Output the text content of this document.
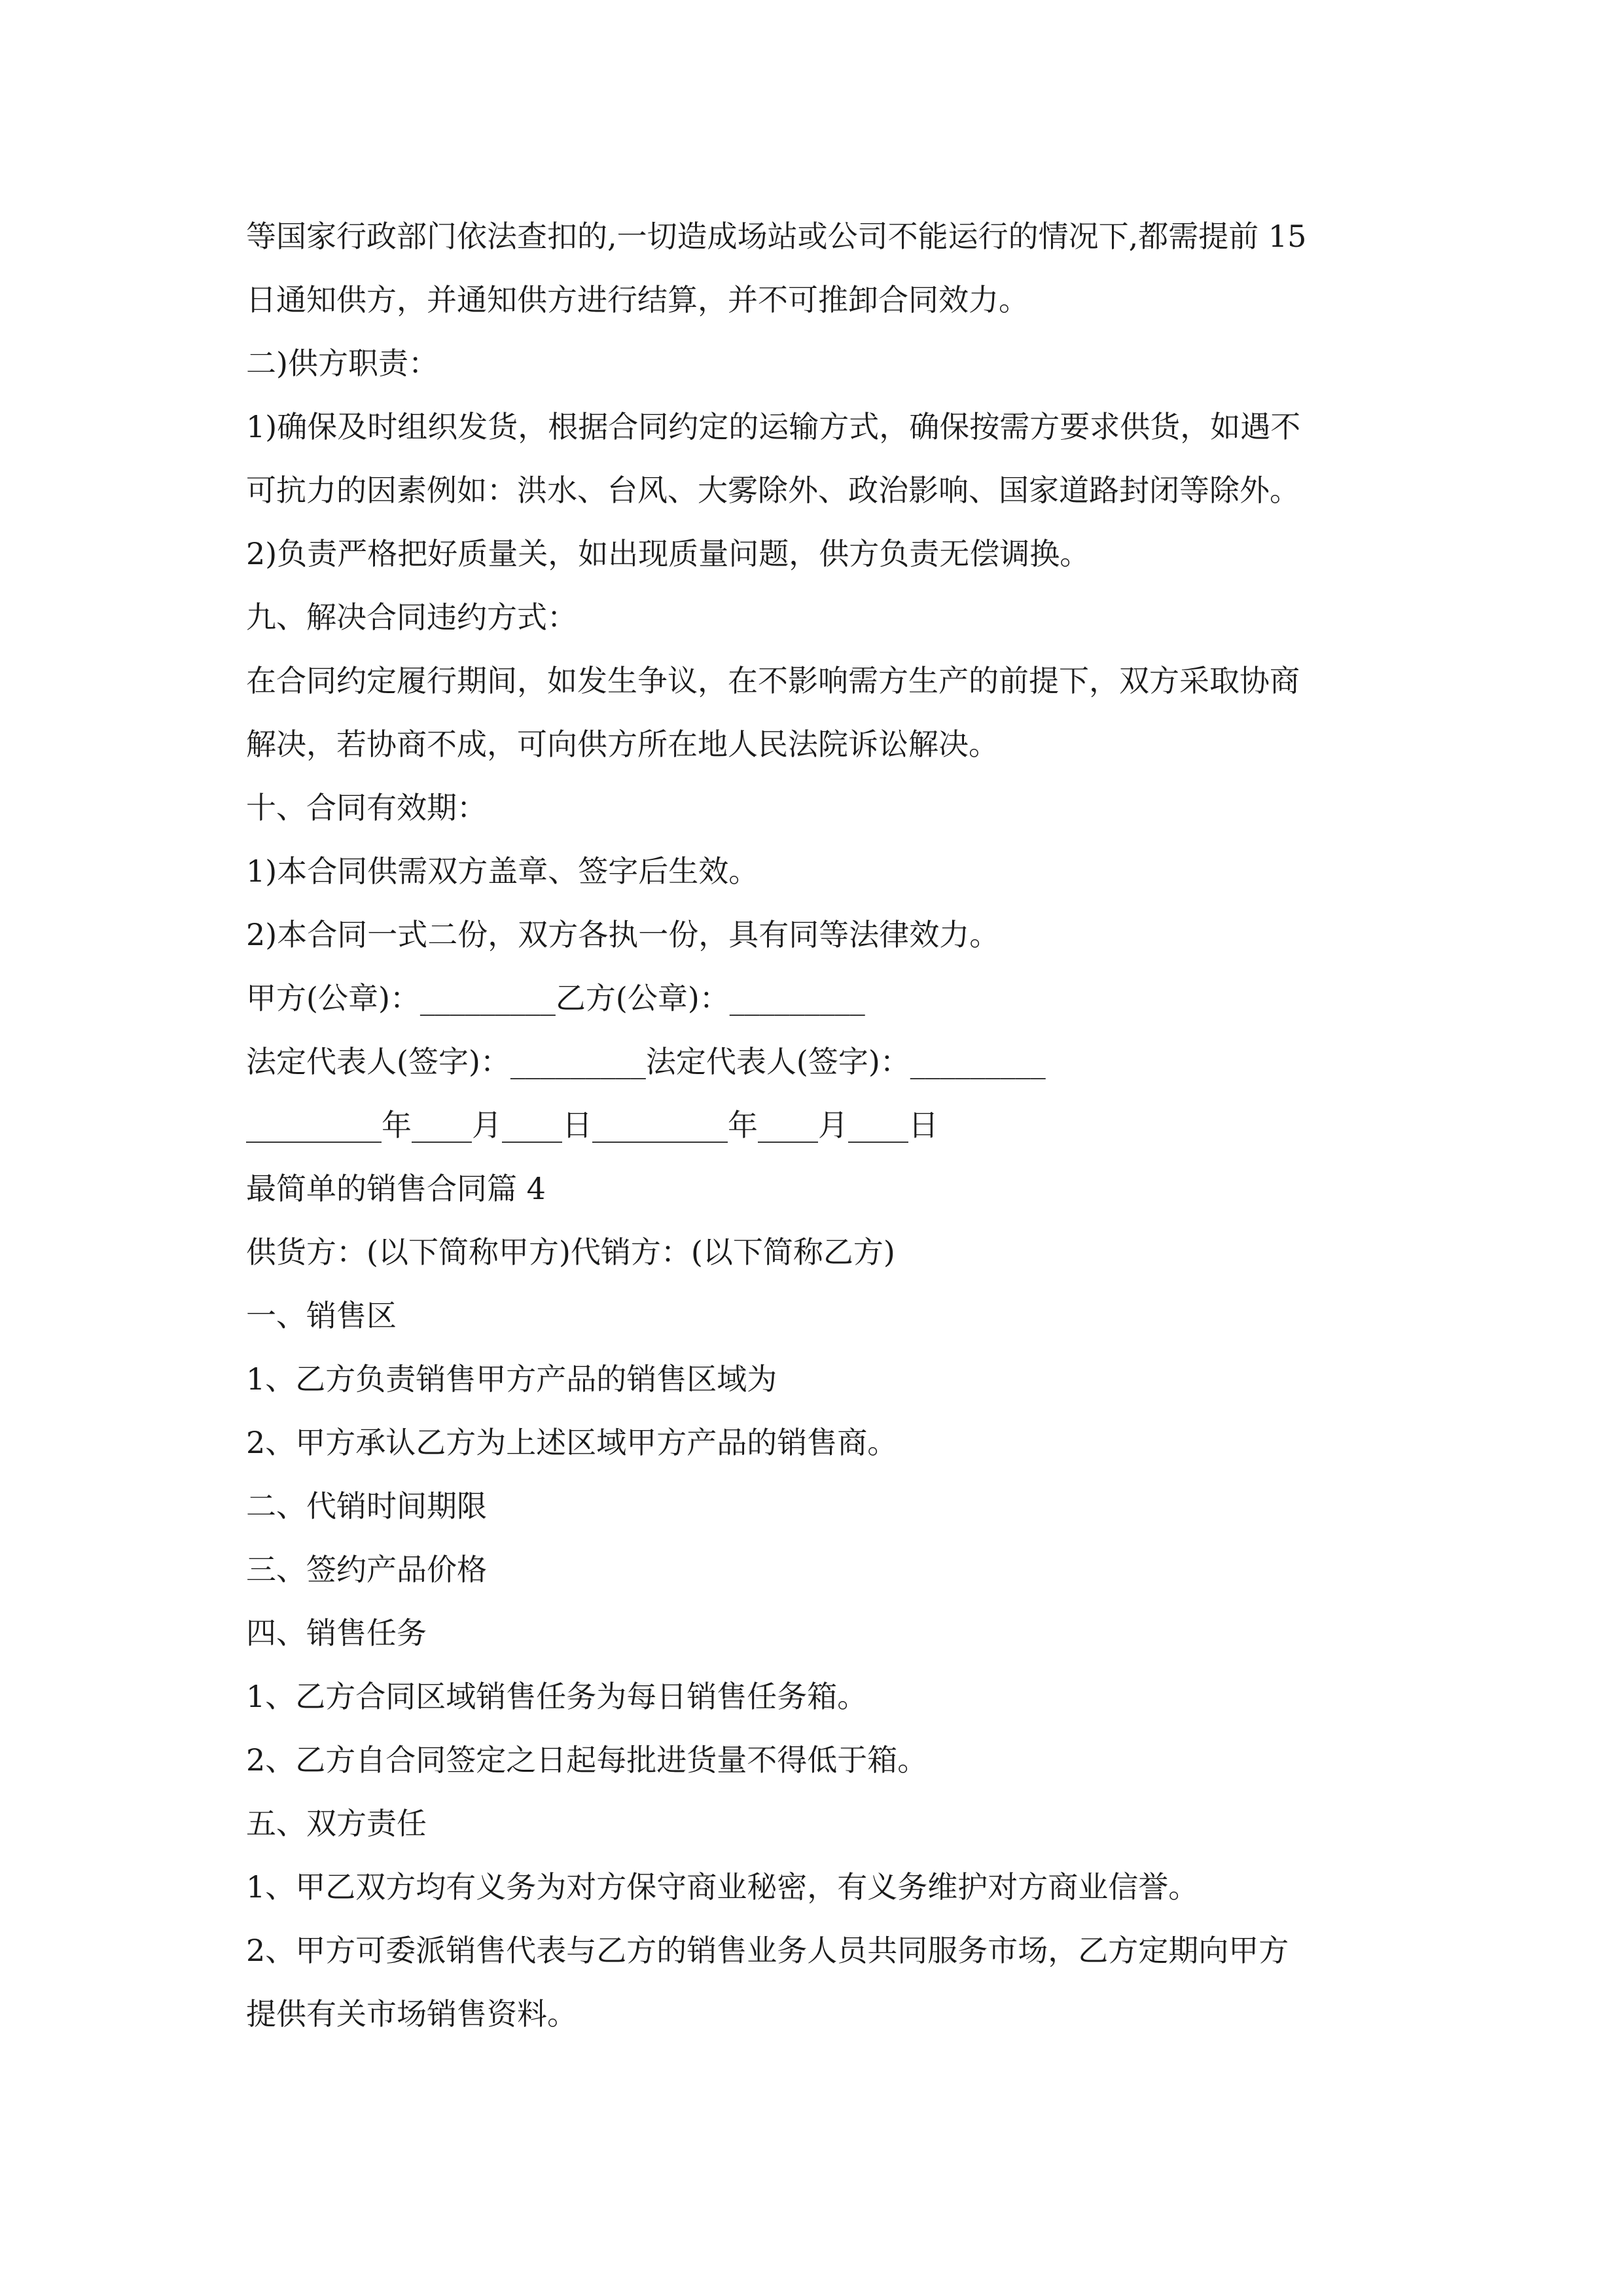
等国家行政部门依法查扣的,一切造成场站或公司不能运行的情况下,都需提前 15
日通知供方，并通知供方进行结算，并不可推卸合同效力。
二)供方职责：
1)确保及时组织发货，根据合同约定的运输方式，确保按需方要求供货，如遇不
可抗力的因素例如：洪水、台风、大雾除外、政治影响、国家道路封闭等除外。
2)负责严格把好质量关，如出现质量问题，供方负责无偿调换。
九、解决合同违约方式：
在合同约定履行期间，如发生争议，在不影响需方生产的前提下，双方采取协商
解决，若协商不成，可向供方所在地人民法院诉讼解决。
十、合同有效期：
1)本合同供需双方盖章、签字后生效。
2)本合同一式二份，双方各执一份，具有同等法律效力。
甲方(公章)：_________乙方(公章)：_________
法定代表人(签字)：_________法定代表人(签字)：_________
_________年____月____日_________年____月____日
最简单的销售合同篇 4
供货方：(以下简称甲方)代销方：(以下简称乙方)
一、销售区
1、乙方负责销售甲方产品的销售区域为
2、甲方承认乙方为上述区域甲方产品的销售商。
二、代销时间期限
三、签约产品价格
四、销售任务
1、乙方合同区域销售任务为每日销售任务箱。
2、乙方自合同签定之日起每批进货量不得低于箱。
五、双方责任
1、甲乙双方均有义务为对方保守商业秘密，有义务维护对方商业信誉。
2、甲方可委派销售代表与乙方的销售业务人员共同服务市场，乙方定期向甲方
提供有关市场销售资料。
